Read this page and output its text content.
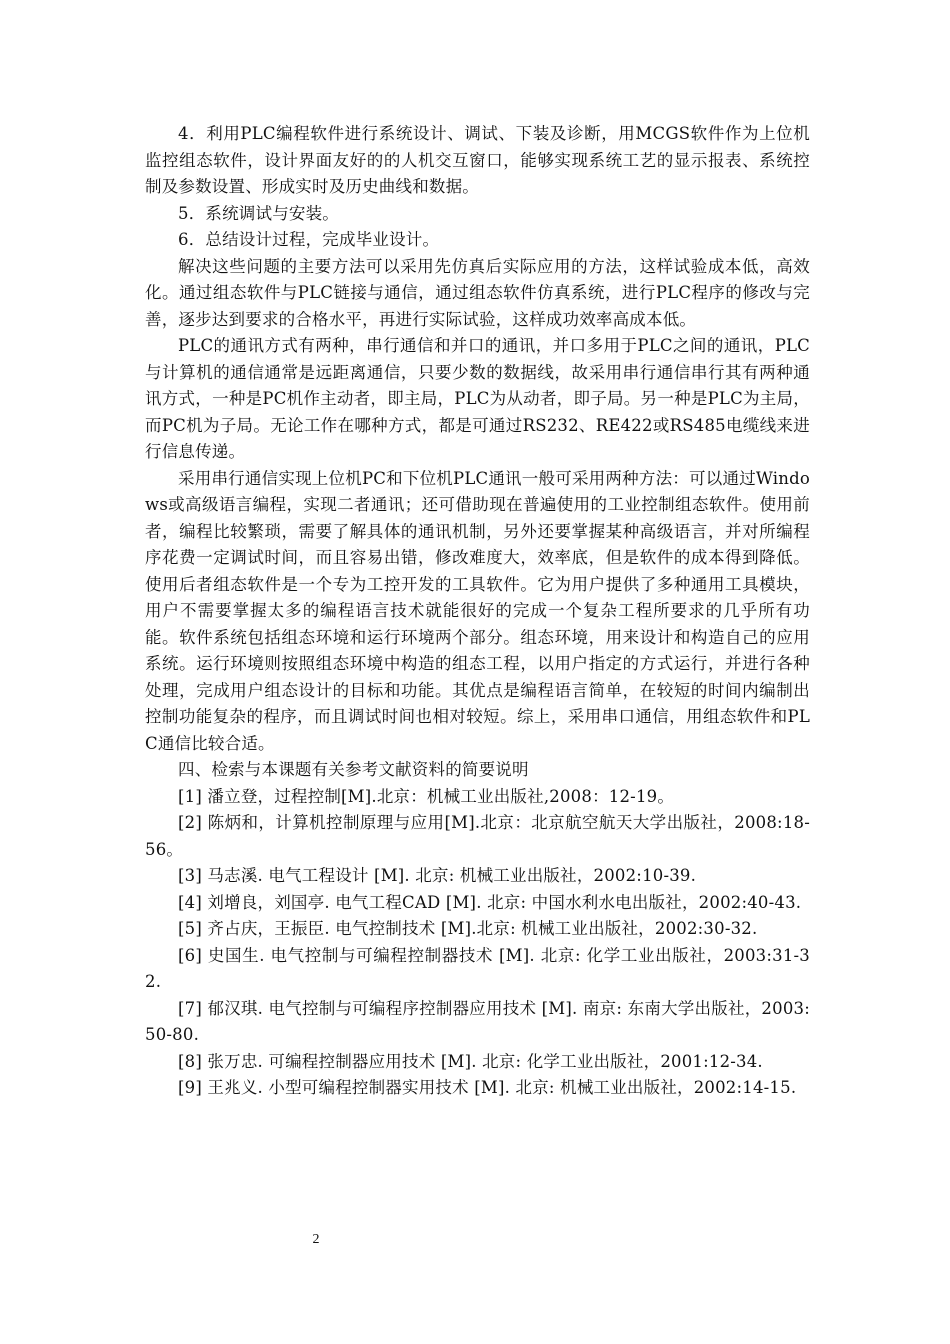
4．利用PLC编程软件进行系统设计、调试、下装及诊断，用MCGS软件作为上位机监控组态软件，设计界面友好的的人机交互窗口，能够实现系统工艺的显示报表、系统控制及参数设置、形成实时及历史曲线和数据。

5．系统调试与安装。

6．总结设计过程，完成毕业设计。

解决这些问题的主要方法可以采用先仿真后实际应用的方法，这样试验成本低，高效化。通过组态软件与PLC链接与通信，通过组态软件仿真系统，进行PLC程序的修改与完善，逐步达到要求的合格水平，再进行实际试验，这样成功效率高成本低。

PLC的通讯方式有两种，串行通信和并口的通讯，并口多用于PLC之间的通讯，PLC与计算机的通信通常是远距离通信，只要少数的数据线，故采用串行通信串行其有两种通讯方式，一种是PC机作主动者，即主局，PLC为从动者，即子局。另一种是PLC为主局，而PC机为子局。无论工作在哪种方式，都是可通过RS232、RE422或RS485电缆线来进行信息传递。

采用串行通信实现上位机PC和下位机PLC通讯一般可采用两种方法：可以通过Windows或高级语言编程，实现二者通讯；还可借助现在普遍使用的工业控制组态软件。使用前者，编程比较繁琐，需要了解具体的通讯机制，另外还要掌握某种高级语言，并对所编程序花费一定调试时间，而且容易出错，修改难度大，效率底，但是软件的成本得到降低。使用后者组态软件是一个专为工控开发的工具软件。它为用户提供了多种通用工具模块，用户不需要掌握太多的编程语言技术就能很好的完成一个复杂工程所要求的几乎所有功能。软件系统包括组态环境和运行环境两个部分。组态环境，用来设计和构造自己的应用系统。运行环境则按照组态环境中构造的组态工程，以用户指定的方式运行，并进行各种处理，完成用户组态设计的目标和功能。其优点是编程语言简单，在较短的时间内编制出控制功能复杂的程序，而且调试时间也相对较短。综上，采用串口通信，用组态软件和PLC通信比较合适。

四、检索与本课题有关参考文献资料的简要说明

[1] 潘立登，过程控制[M].北京：机械工业出版社,2008：12-19。

[2] 陈炳和，计算机控制原理与应用[M].北京：北京航空航天大学出版社，2008:18-56。

[3] 马志溪. 电气工程设计 [M]. 北京: 机械工业出版社，2002:10-39.

[4] 刘增良，刘国亭. 电气工程CAD [M]. 北京: 中国水利水电出版社，2002:40-43.

[5] 齐占庆，王振臣. 电气控制技术 [M].北京: 机械工业出版社，2002:30-32.

[6] 史国生. 电气控制与可编程控制器技术 [M]. 北京: 化学工业出版社，2003:31-32.

[7] 郁汉琪. 电气控制与可编程序控制器应用技术 [M]. 南京: 东南大学出版社，2003:50-80.

[8] 张万忠. 可编程控制器应用技术 [M]. 北京: 化学工业出版社，2001:12-34.

[9] 王兆义. 小型可编程控制器实用技术 [M]. 北京: 机械工业出版社，2002:14-15.

2
